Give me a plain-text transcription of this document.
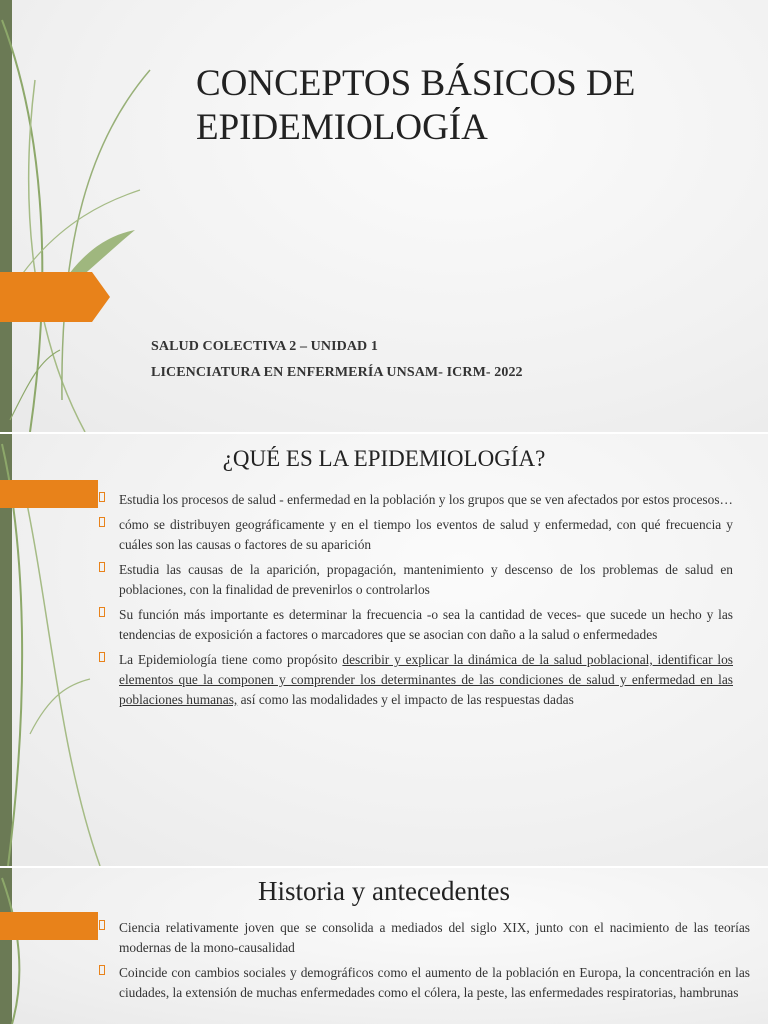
CONCEPTOS BÁSICOS DE EPIDEMIOLOGÍA
SALUD COLECTIVA 2 – UNIDAD 1
LICENCIATURA EN ENFERMERÍA UNSAM- ICRM- 2022
¿QUÉ ES LA EPIDEMIOLOGÍA?
Estudia los procesos de salud - enfermedad en la población y los grupos que se ven afectados por estos procesos…
cómo se distribuyen geográficamente y en el tiempo los eventos de salud y enfermedad, con qué frecuencia y cuáles son las causas o factores de su aparición
Estudia las causas de la aparición, propagación, mantenimiento y descenso de los problemas de salud en poblaciones, con la finalidad de prevenirlos o controlarlos
Su función más importante es determinar la frecuencia -o sea la cantidad de veces- que sucede un hecho y las tendencias de exposición a factores o marcadores que se asocian con daño a la salud o enfermedades
La Epidemiología tiene como propósito describir y explicar la dinámica de la salud poblacional, identificar los elementos que la componen y comprender los determinantes de las condiciones de salud y enfermedad en las poblaciones humanas, así como las modalidades y el impacto de las respuestas dadas
Historia y antecedentes
Ciencia relativamente joven que se consolida a mediados del siglo XIX, junto con el nacimiento de las teorías modernas de la mono-causalidad
Coincide con cambios sociales y demográficos como el aumento de la población en Europa, la concentración en las ciudades, la extensión de muchas enfermedades como el cólera, la peste, las enfermedades respiratorias, hambrunas
